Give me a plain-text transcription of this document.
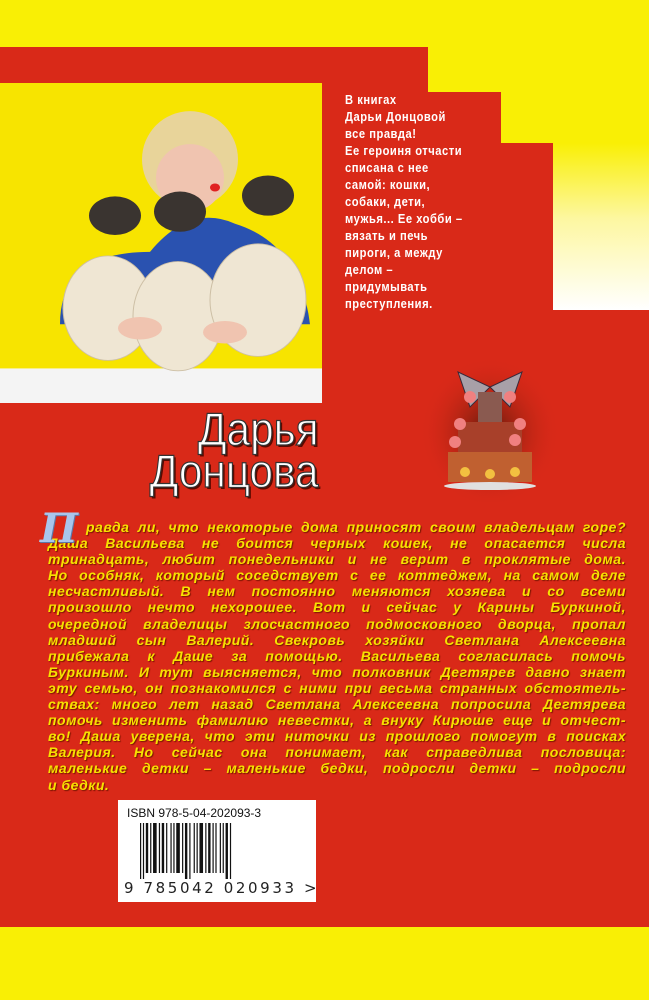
В книгах
Дарьи Донцовой
все правда!
Ее героиня отчасти
списана с нее
самой: кошки,
собаки, дети,
мужья... Ее хобби –
вязать и печь
пироги, а между
делом –
придумывать
преступления.
Дарья
Донцова
П равда ли, что некоторые дома приносят своим владельцам горе?
Даша Васильева не боится черных кошек, не опасается числа
тринадцать, любит понедельники и не верит в проклятые дома.
Но особняк, который соседствует с ее коттеджем, на самом деле
несчастливый. В нем постоянно меняются хозяева и со всеми
произошло нечто нехорошее. Вот и сейчас у Карины Буркиной,
очередной владелицы злосчастного подмосковного дворца, пропал
младший сын Валерий. Свекровь хозяйки Светлана Алексеевна
прибежала к Даше за помощью. Васильева согласилась помочь
Буркиным. И тут выясняется, что полковник Дегтярев давно знает
эту семью, он познакомился с ними при весьма странных обстоятель-
ствах: много лет назад Светлана Алексеевна попросила Дегтярева
помочь изменить фамилию невестки, а внуку Кирюше еще и отчест-
во! Даша уверена, что эти ниточки из прошлого помогут в поисках
Валерия. Но сейчас она понимает, как справедлива пословица:
маленькие детки – маленькие бедки, подросли детки – подросли
и бедки.
ISBN 978-5-04-202093-3
9 785042 020933 >
